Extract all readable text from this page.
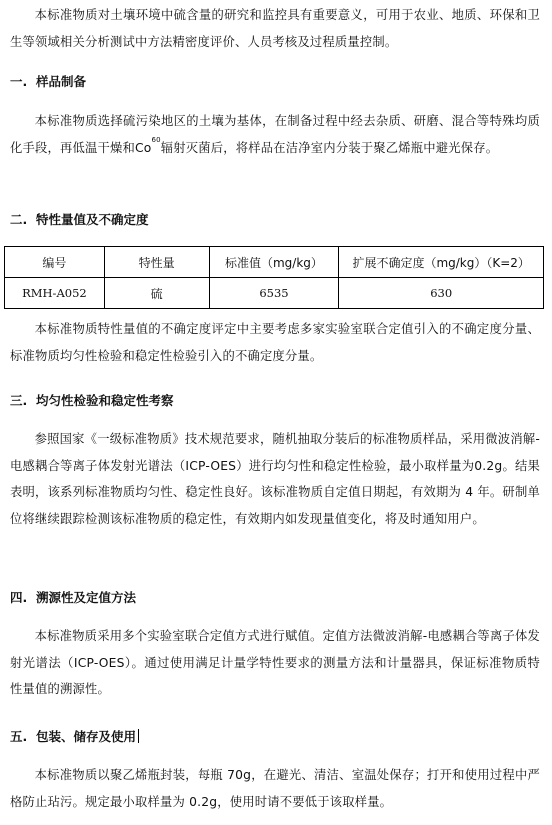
本标准物质对土壤环境中硫含量的研究和监控具有重要意义，可用于农业、地质、环保和卫生等领域相关分析测试中方法精密度评价、人员考核及过程质量控制。

一. 样品制备

本标准物质选择硫污染地区的土壤为基体，在制备过程中经去杂质、研磨、混合等特殊均质化手段，再低温干燥和Co$^{60}$辐射灭菌后，将样品在洁净室内分装于聚乙烯瓶中避光保存。

二. 特性量值及不确定度
编号	特性量	标准值（mg/kg）	扩展不确定度（mg/kg）（K=2）
RMH-A052	硫	6535	630

本标准物质特性量值的不确定度评定中主要考虑多家实验室联合定值引入的不确定度分量、标准物质均匀性检验和稳定性检验引入的不确定度分量。

三. 均匀性检验和稳定性考察

参照国家《一级标准物质》技术规范要求，随机抽取分装后的标准物质样品，采用微波消解-电感耦合等离子体发射光谱法（ICP-OES）进行均匀性和稳定性检验，最小取样量为0.2g。结果表明，该系列标准物质均匀性、稳定性良好。该标准物质自定值日期起，有效期为 4 年。研制单位将继续跟踪检测该标准物质的稳定性，有效期内如发现量值变化，将及时通知用户。

四. 溯源性及定值方法

本标准物质采用多个实验室联合定值方式进行赋值。定值方法微波消解-电感耦合等离子体发射光谱法（ICP-OES）。通过使用满足计量学特性要求的测量方法和计量器具，保证标准物质特性量值的溯源性。

五. 包装、储存及使用

本标准物质以聚乙烯瓶封装，每瓶 70g，在避光、清洁、室温处保存；打开和使用过程中严格防止玷污。规定最小取样量为 0.2g，使用时请不要低于该取样量。
